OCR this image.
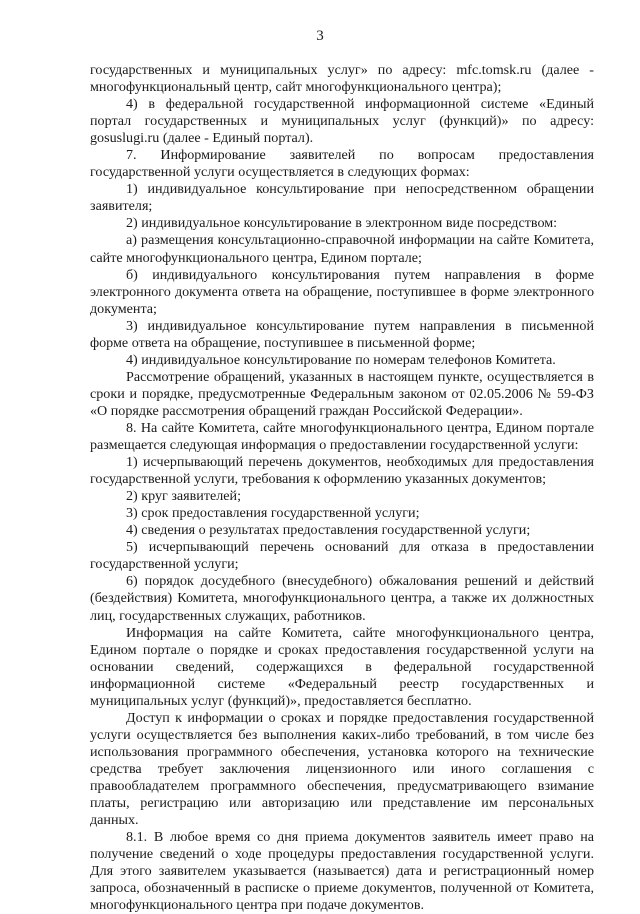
3

государственных и муниципальных услуг» по адресу: mfc.tomsk.ru (далее - многофункциональный центр, сайт многофункционального центра);

4) в федеральной государственной информационной системе «Единый портал государственных и муниципальных услуг (функций)» по адресу: gosuslugi.ru (далее - Единый портал).

7. Информирование заявителей по вопросам предоставления государственной услуги осуществляется в следующих формах:

1) индивидуальное консультирование при непосредственном обращении заявителя;

2) индивидуальное консультирование в электронном виде посредством:

а) размещения консультационно-справочной информации на сайте Комитета, сайте многофункционального центра, Едином портале;

б) индивидуального консультирования путем направления в форме электронного документа ответа на обращение, поступившее в форме электронного документа;

3) индивидуальное консультирование путем направления в письменной форме ответа на обращение, поступившее в письменной форме;

4) индивидуальное консультирование по номерам телефонов Комитета.

Рассмотрение обращений, указанных в настоящем пункте, осуществляется в сроки и порядке, предусмотренные Федеральным законом от 02.05.2006 № 59-ФЗ «О порядке рассмотрения обращений граждан Российской Федерации».

8. На сайте Комитета, сайте многофункционального центра, Едином портале размещается следующая информация о предоставлении государственной услуги:

1) исчерпывающий перечень документов, необходимых для предоставления государственной услуги, требования к оформлению указанных документов;

2) круг заявителей;

3) срок предоставления государственной услуги;

4) сведения о результатах предоставления государственной услуги;

5) исчерпывающий перечень оснований для отказа в предоставлении государственной услуги;

6) порядок досудебного (внесудебного) обжалования решений и действий (бездействия) Комитета, многофункционального центра, а также их должностных лиц, государственных служащих, работников.

Информация на сайте Комитета, сайте многофункционального центра, Едином портале о порядке и сроках предоставления государственной услуги на основании сведений, содержащихся в федеральной государственной информационной системе «Федеральный реестр государственных и муниципальных услуг (функций)», предоставляется бесплатно.

Доступ к информации о сроках и порядке предоставления государственной услуги осуществляется без выполнения каких-либо требований, в том числе без использования программного обеспечения, установка которого на технические средства требует заключения лицензионного или иного соглашения с правообладателем программного обеспечения, предусматривающего взимание платы, регистрацию или авторизацию или представление им персональных данных.

8.1. В любое время со дня приема документов заявитель имеет право на получение сведений о ходе процедуры предоставления государственной услуги. Для этого заявителем указывается (называется) дата и регистрационный номер запроса, обозначенный в расписке о приеме документов, полученной от Комитета, многофункционального центра при подаче документов.
